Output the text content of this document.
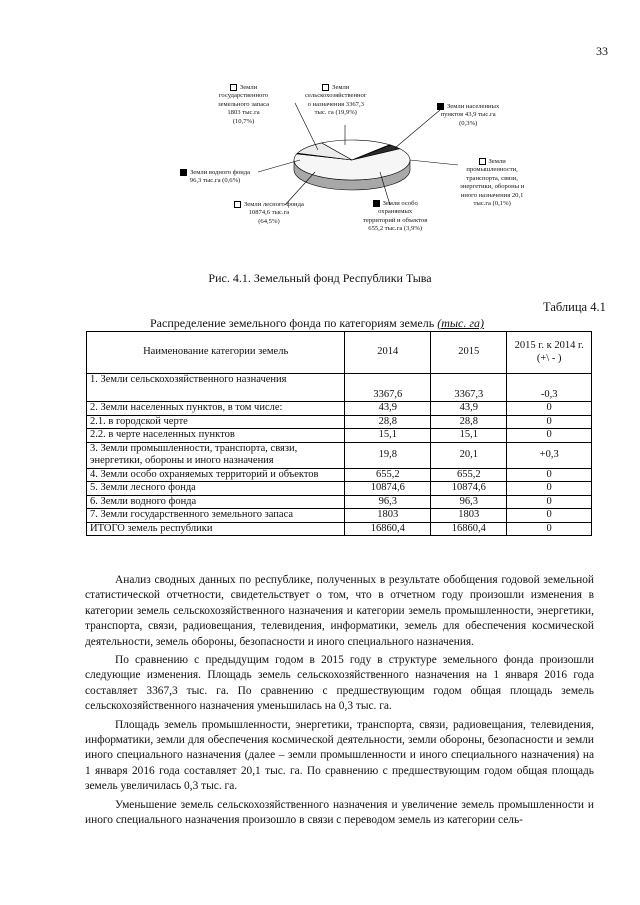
33
Земли
государственного
земельного запаса
1803 тыс.га
(10,7%)
Земли
сельскохозяйственног
о назначения 3367,3
тыс. га (19,9%)
Земли населенных
пунктов 43,9 тыс.га
(0,3%)
Земли
промышленности,
транспорта, связи,
энергетики, обороны и
иного назначения 20,1
тыс.га (0,1%)
Земли особо
охраняемых
территорий и объектов
655,2 тыс.га (3,9%)
Земли лесного фонда
10874,6 тыс.га
(64,5%)
Земли водного фонда
96,3 тыс.га (0,6%)
Рис. 4.1. Земельный фонд Республики Тыва
Таблица 4.1
Распределение земельного фонда по категориям земель (тыс. га)
Наименование категории земель	2014	2015	2015 г. к 2014 г. (+\ - )
1. Земли сельскохозяйственного назначения	3367,6	3367,3	-0,3
2. Земли населенных пунктов, в том числе:	43,9	43,9	0
2.1. в городской черте	28,8	28,8	0
2.2. в черте населенных пунктов	15,1	15,1	0
3. Земли промышленности, транспорта, связи, энергетики, обороны и иного назначения	19,8	20,1	+0,3
4. Земли особо охраняемых территорий и объектов	655,2	655,2	0
5. Земли лесного фонда	10874,6	10874,6	0
6. Земли водного фонда	96,3	96,3	0
7. Земли государственного земельного запаса	1803	1803	0
ИТОГО земель республики	16860,4	16860,4	0

Анализ сводных данных по республике, полученных в результате обобщения годовой земельной статистической отчетности, свидетельствует о том, что в отчетном году произошли изменения в категории земель сельскохозяйственного назначения и категории земель промышленности, энергетики, транспорта, связи, радиовещания, телевидения, информатики, земель для обеспечения космической деятельности, земель обороны, безопасности и иного специального назначения.

По сравнению с предыдущим годом в 2015 году в структуре земельного фонда произошли следующие изменения. Площадь земель сельскохозяйственного назначения на 1 января 2016 года составляет 3367,3 тыс. га. По сравнению с предшествующим годом общая площадь земель сельскохозяйственного назначения уменьшилась на 0,3 тыс. га.

Площадь земель промышленности, энергетики, транспорта, связи, радиовещания, телевидения, информатики, земли для обеспечения космической деятельности, земли обороны, безопасности и земли иного специального назначения (далее – земли промышленности и иного специального назначения) на 1 января 2016 года составляет 20,1 тыс. га. По сравнению с предшествующим годом общая площадь земель увеличилась 0,3 тыс. га.

Уменьшение земель сельскохозяйственного назначения и увеличение земель промышленности и иного специального назначения произошло в связи с переводом земель из категории сель-
